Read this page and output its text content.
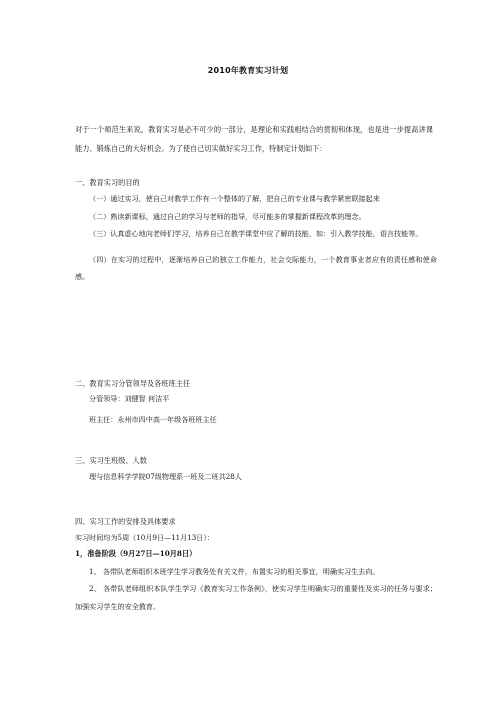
2010年教育实习计划
对于一个师范生来说，教育实习是必不可少的一部分，是理论和实践相结合的贯彻和体现，也是进一步提高讲课能力、锻炼自己的大好机会。为了使自己切实做好实习工作，特制定计划如下：
一、教育实习的目的
（一）通过实习，使自己对教学工作有一个整体的了解，把自己的专业课与教学紧密联接起来
（二）熟读新课标，通过自己的学习与老师的指导，尽可能多的掌握新课程改革的理念。
（三）认真虚心地向老师们学习，培养自己在教学课堂中应了解的技能，如：引入教学技能，语言技能等。
（四）在实习的过程中，逐渐培养自己的独立工作能力，社会交际能力，一个教育事业者应有的责任感和使命感。
二、教育实习分管领导及各班班主任
分管领导：刘健智 何洁平
班主任：永州市四中高一年级各班班主任
三、实习生班级、人数
理与信息科学学院07级物理系一班及二班共28人
四、实习工作的安排及具体要求
实习时间均为5周（10月9日—11月13日）：
1，准备阶段（9月27日—10月8日）
1、 各带队老师组织本班学生学习教务处有关文件，布置实习的相关事宜，明确实习生去向。
2、 各带队老师组织本队学生学习《教育实习工作条例》，使实习学生明确实习的重要性及实习的任务与要求；加强实习学生的安全教育。
